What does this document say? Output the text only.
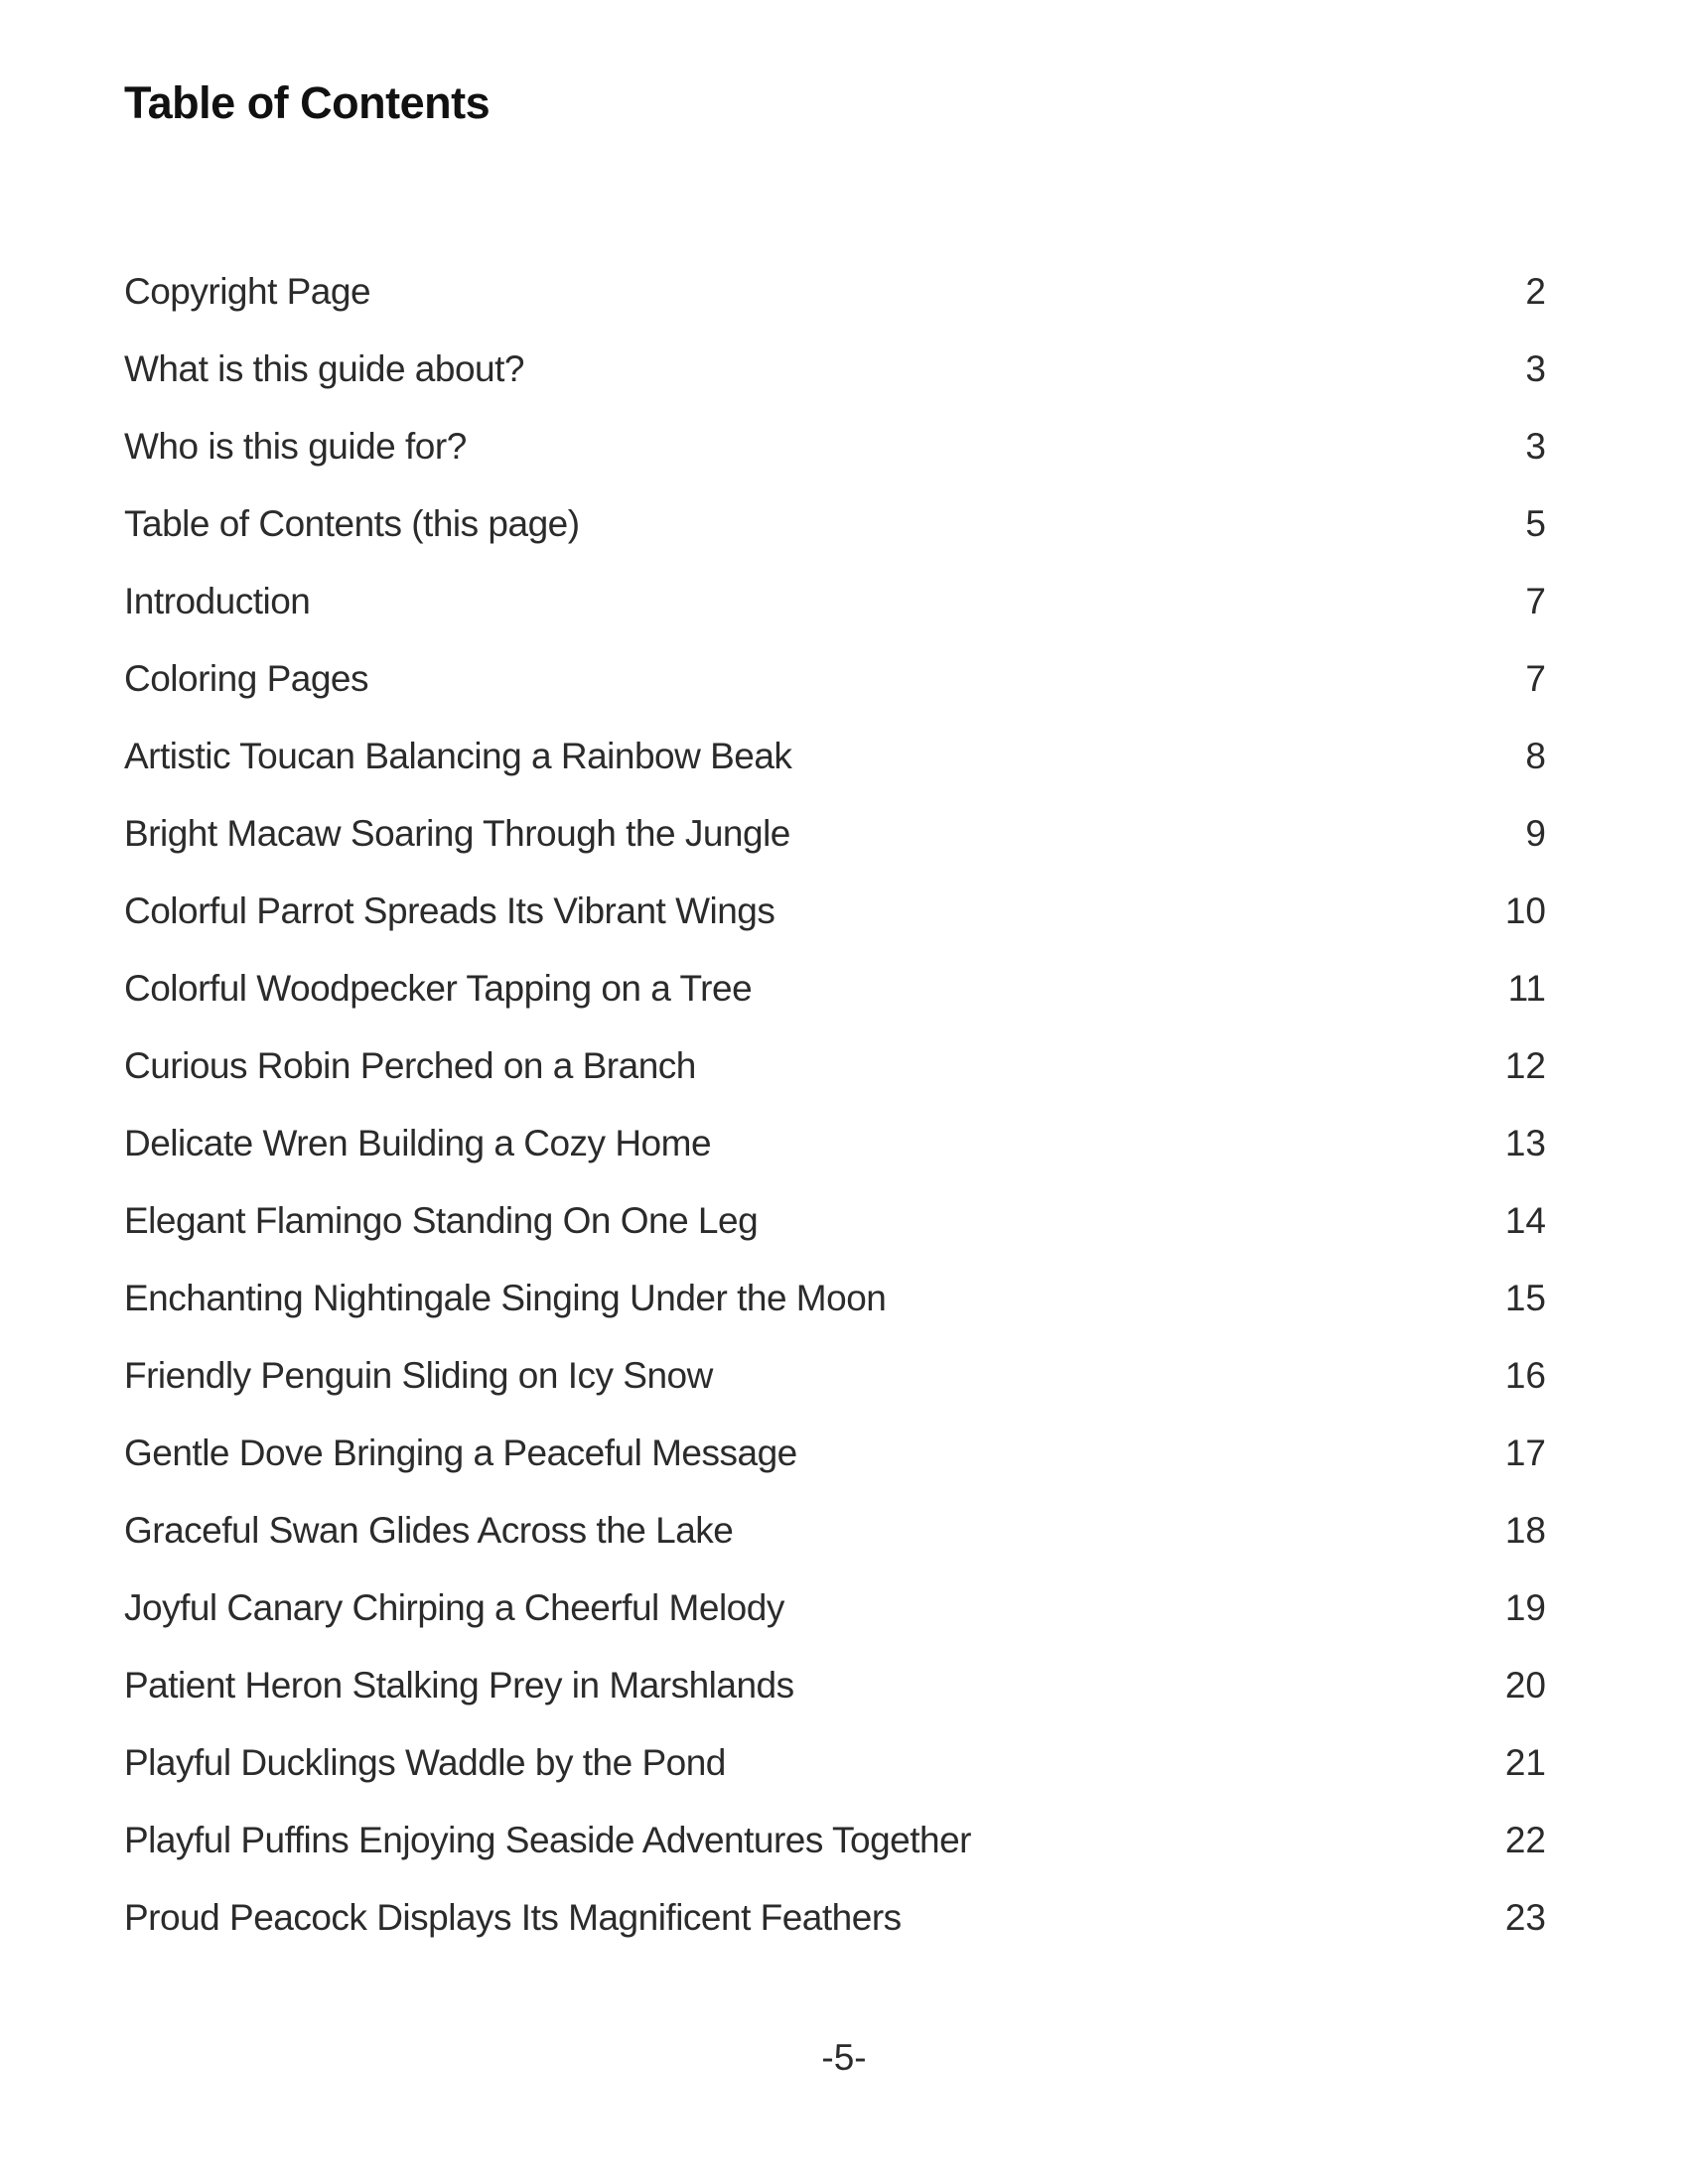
Table of Contents
Copyright Page	2
What is this guide about?	3
Who is this guide for?	3
Table of Contents (this page)	5
Introduction	7
Coloring Pages	7
Artistic Toucan Balancing a Rainbow Beak	8
Bright Macaw Soaring Through the Jungle	9
Colorful Parrot Spreads Its Vibrant Wings	10
Colorful Woodpecker Tapping on a Tree	11
Curious Robin Perched on a Branch	12
Delicate Wren Building a Cozy Home	13
Elegant Flamingo Standing On One Leg	14
Enchanting Nightingale Singing Under the Moon	15
Friendly Penguin Sliding on Icy Snow	16
Gentle Dove Bringing a Peaceful Message	17
Graceful Swan Glides Across the Lake	18
Joyful Canary Chirping a Cheerful Melody	19
Patient Heron Stalking Prey in Marshlands	20
Playful Ducklings Waddle by the Pond	21
Playful Puffins Enjoying Seaside Adventures Together	22
Proud Peacock Displays Its Magnificent Feathers	23
-5-
